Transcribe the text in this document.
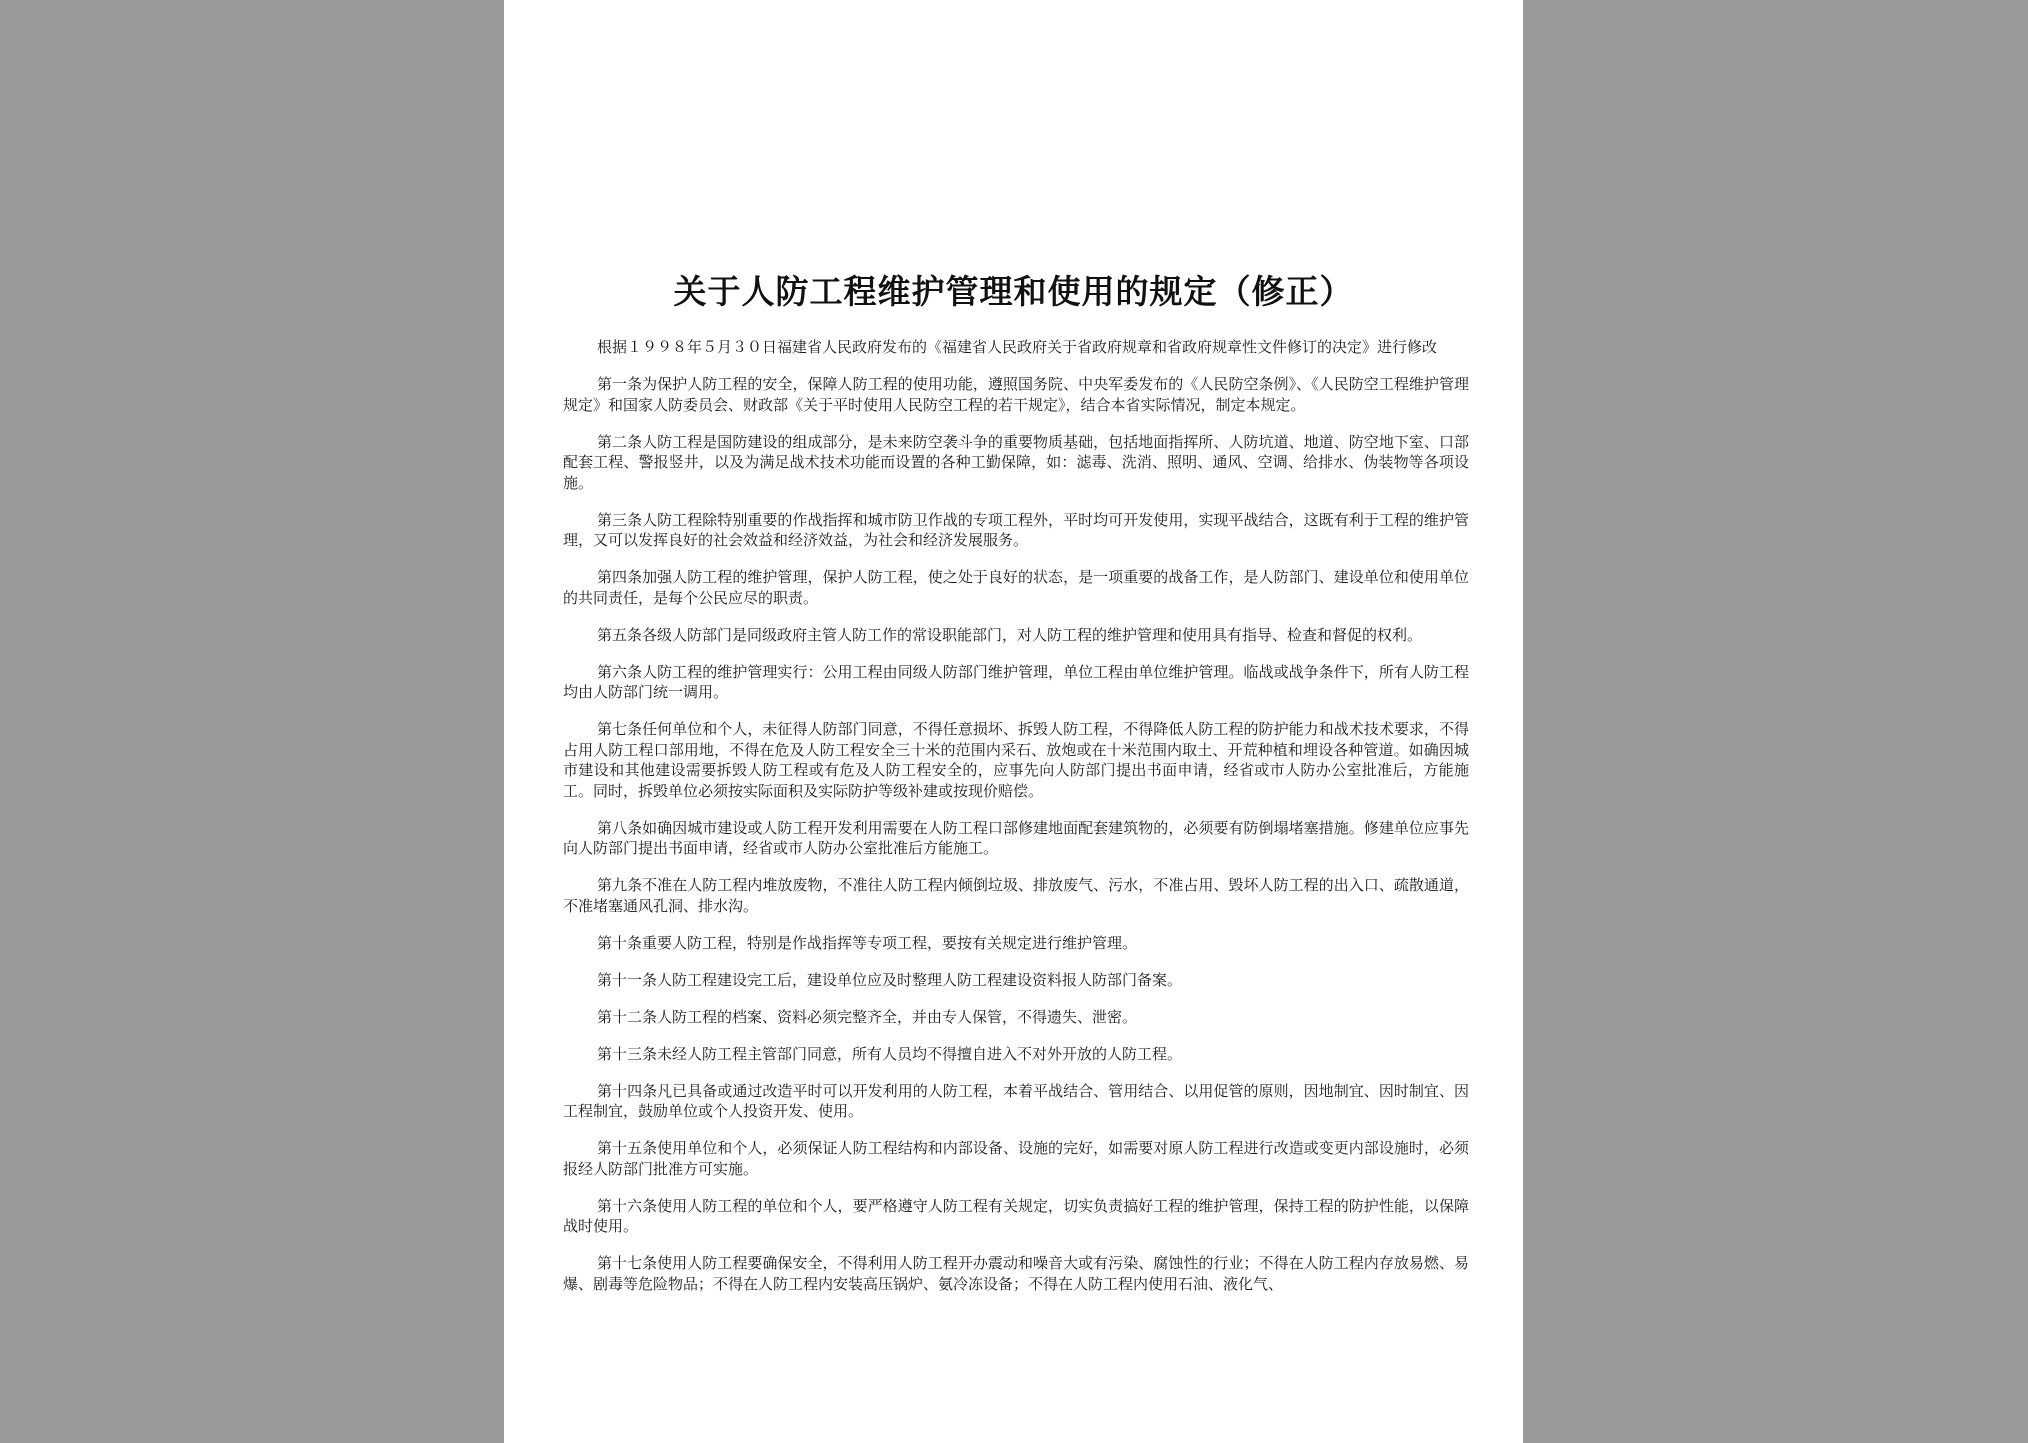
关于人防工程维护管理和使用的规定（修正）

根据１９９８年５月３０日福建省人民政府发布的《福建省人民政府关于省政府规章和省政府规章性文件修订的决定》进行修改

第一条为保护人防工程的安全，保障人防工程的使用功能，遵照国务院、中央军委发布的《人民防空条例》、《人民防空工程维护管理规定》和国家人防委员会、财政部《关于平时使用人民防空工程的若干规定》，结合本省实际情况，制定本规定。

第二条人防工程是国防建设的组成部分，是未来防空袭斗争的重要物质基础，包括地面指挥所、人防坑道、地道、防空地下室、口部配套工程、警报竖井，以及为满足战术技术功能而设置的各种工勤保障，如：滤毒、洗消、照明、通风、空调、给排水、伪装物等各项设施。

第三条人防工程除特别重要的作战指挥和城市防卫作战的专项工程外，平时均可开发使用，实现平战结合，这既有利于工程的维护管理，又可以发挥良好的社会效益和经济效益，为社会和经济发展服务。

第四条加强人防工程的维护管理，保护人防工程，使之处于良好的状态，是一项重要的战备工作，是人防部门、建设单位和使用单位的共同责任，是每个公民应尽的职责。

第五条各级人防部门是同级政府主管人防工作的常设职能部门，对人防工程的维护管理和使用具有指导、检查和督促的权利。

第六条人防工程的维护管理实行：公用工程由同级人防部门维护管理，单位工程由单位维护管理。临战或战争条件下，所有人防工程均由人防部门统一调用。

第七条任何单位和个人，未征得人防部门同意，不得任意损坏、拆毁人防工程，不得降低人防工程的防护能力和战术技术要求，不得占用人防工程口部用地，不得在危及人防工程安全三十米的范围内采石、放炮或在十米范围内取土、开荒种植和埋设各种管道。如确因城市建设和其他建设需要拆毁人防工程或有危及人防工程安全的，应事先向人防部门提出书面申请，经省或市人防办公室批准后，方能施工。同时，拆毁单位必须按实际面积及实际防护等级补建或按现价赔偿。

第八条如确因城市建设或人防工程开发利用需要在人防工程口部修建地面配套建筑物的，必须要有防倒塌堵塞措施。修建单位应事先向人防部门提出书面申请，经省或市人防办公室批准后方能施工。

第九条不准在人防工程内堆放废物，不准往人防工程内倾倒垃圾、排放废气、污水，不准占用、毁坏人防工程的出入口、疏散通道，不准堵塞通风孔洞、排水沟。

第十条重要人防工程，特别是作战指挥等专项工程，要按有关规定进行维护管理。

第十一条人防工程建设完工后，建设单位应及时整理人防工程建设资料报人防部门备案。

第十二条人防工程的档案、资料必须完整齐全，并由专人保管，不得遗失、泄密。

第十三条未经人防工程主管部门同意，所有人员均不得擅自进入不对外开放的人防工程。

第十四条凡已具备或通过改造平时可以开发利用的人防工程，本着平战结合、管用结合、以用促管的原则，因地制宜、因时制宜、因工程制宜，鼓励单位或个人投资开发、使用。

第十五条使用单位和个人，必须保证人防工程结构和内部设备、设施的完好，如需要对原人防工程进行改造或变更内部设施时，必须报经人防部门批准方可实施。

第十六条使用人防工程的单位和个人，要严格遵守人防工程有关规定，切实负责搞好工程的维护管理，保持工程的防护性能，以保障战时使用。

第十七条使用人防工程要确保安全，不得利用人防工程开办震动和噪音大或有污染、腐蚀性的行业；不得在人防工程内存放易燃、易爆、剧毒等危险物品；不得在人防工程内安装高压锅炉、氨冷冻设备；不得在人防工程内使用石油、液化气、
